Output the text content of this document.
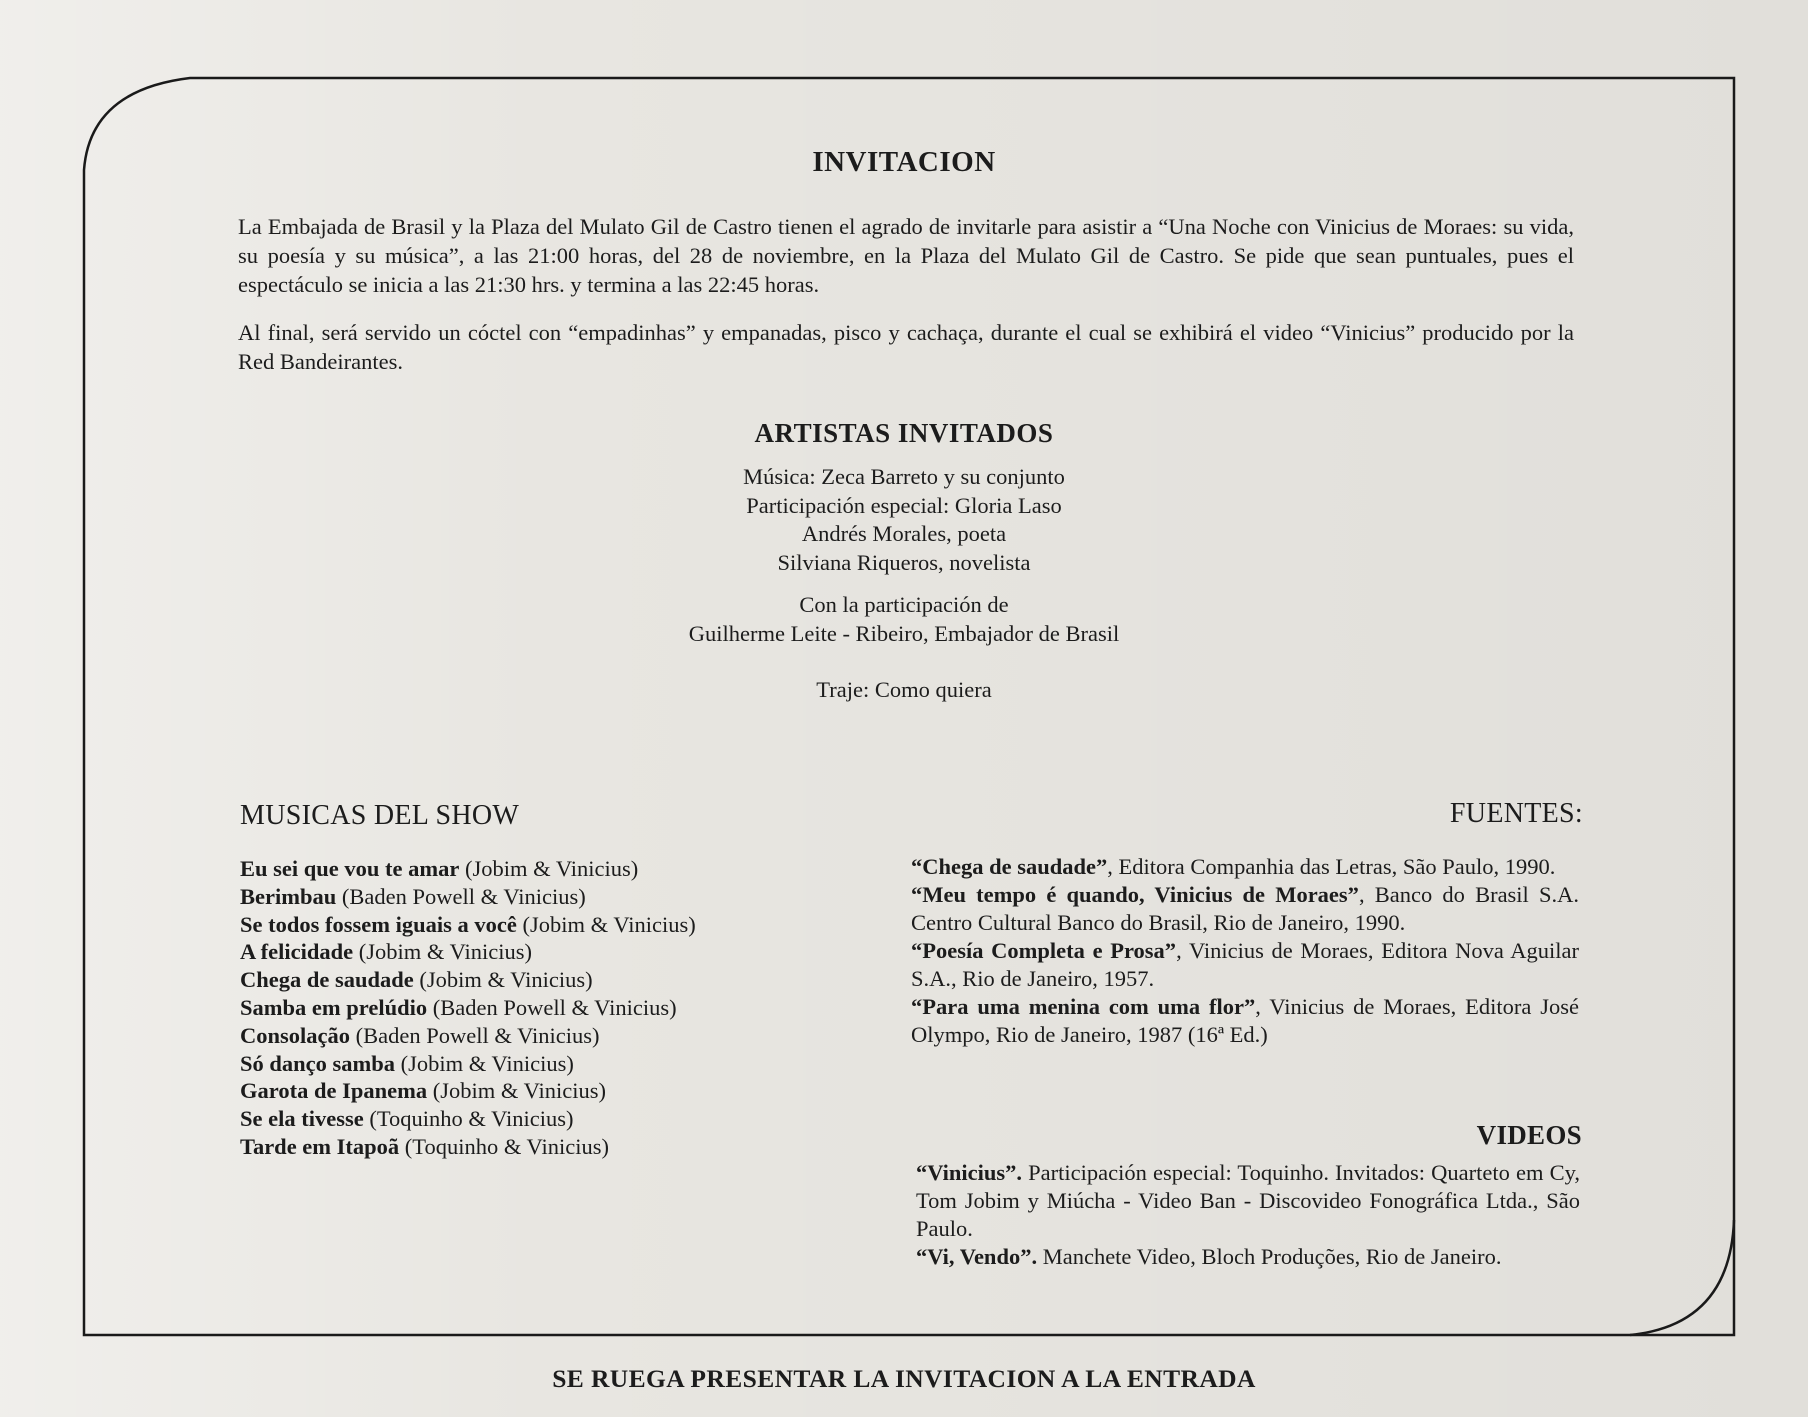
INVITACION
La Embajada de Brasil y la Plaza del Mulato Gil de Castro tienen el agrado de invitarle para asistir a “Una Noche con Vinicius de Moraes: su vida, su poesía y su música”, a las 21:00 horas, del 28 de noviembre, en la Plaza del Mulato Gil de Castro. Se pide que sean puntuales, pues el espectáculo se inicia a las 21:30 hrs. y termina a las 22:45 horas.
Al final, será servido un cóctel con “empadinhas” y empanadas, pisco y cachaça, durante el cual se exhibirá el video “Vinicius” producido por la Red Bandeirantes.
ARTISTAS INVITADOS
Música: Zeca Barreto y su conjunto
Participación especial: Gloria Laso
Andrés Morales, poeta
Silviana Riqueros, novelista
Con la participación de
Guilherme Leite - Ribeiro, Embajador de Brasil
Traje: Como quiera
MUSICAS DEL SHOW	FUENTES:
Eu sei que vou te amar (Jobim & Vinicius)
Berimbau (Baden Powell & Vinicius)
Se todos fossem iguais a você (Jobim & Vinicius)
A felicidade (Jobim & Vinicius)
Chega de saudade (Jobim & Vinicius)
Samba em prelúdio (Baden Powell & Vinicius)
Consolação (Baden Powell & Vinicius)
Só danço samba (Jobim & Vinicius)
Garota de Ipanema (Jobim & Vinicius)
Se ela tivesse (Toquinho & Vinicius)
Tarde em Itapoã (Toquinho & Vinicius)
“Chega de saudade”, Editora Companhia das Letras, São Paulo, 1990.
“Meu tempo é quando, Vinicius de Moraes”, Banco do Brasil S.A. Centro Cultural Banco do Brasil, Rio de Janeiro, 1990.
“Poesía Completa e Prosa”, Vinicius de Moraes, Editora Nova Aguilar S.A., Rio de Janeiro, 1957.
“Para uma menina com uma flor”, Vinicius de Moraes, Editora José Olympo, Rio de Janeiro, 1987 (16ª Ed.)
VIDEOS
“Vinicius”. Participación especial: Toquinho. Invitados: Quarteto em Cy, Tom Jobim y Miúcha - Video Ban - Discovideo Fonográfica Ltda., São Paulo.
“Vi, Vendo”. Manchete Video, Bloch Produções, Rio de Janeiro.
SE RUEGA PRESENTAR LA INVITACION A LA ENTRADA
